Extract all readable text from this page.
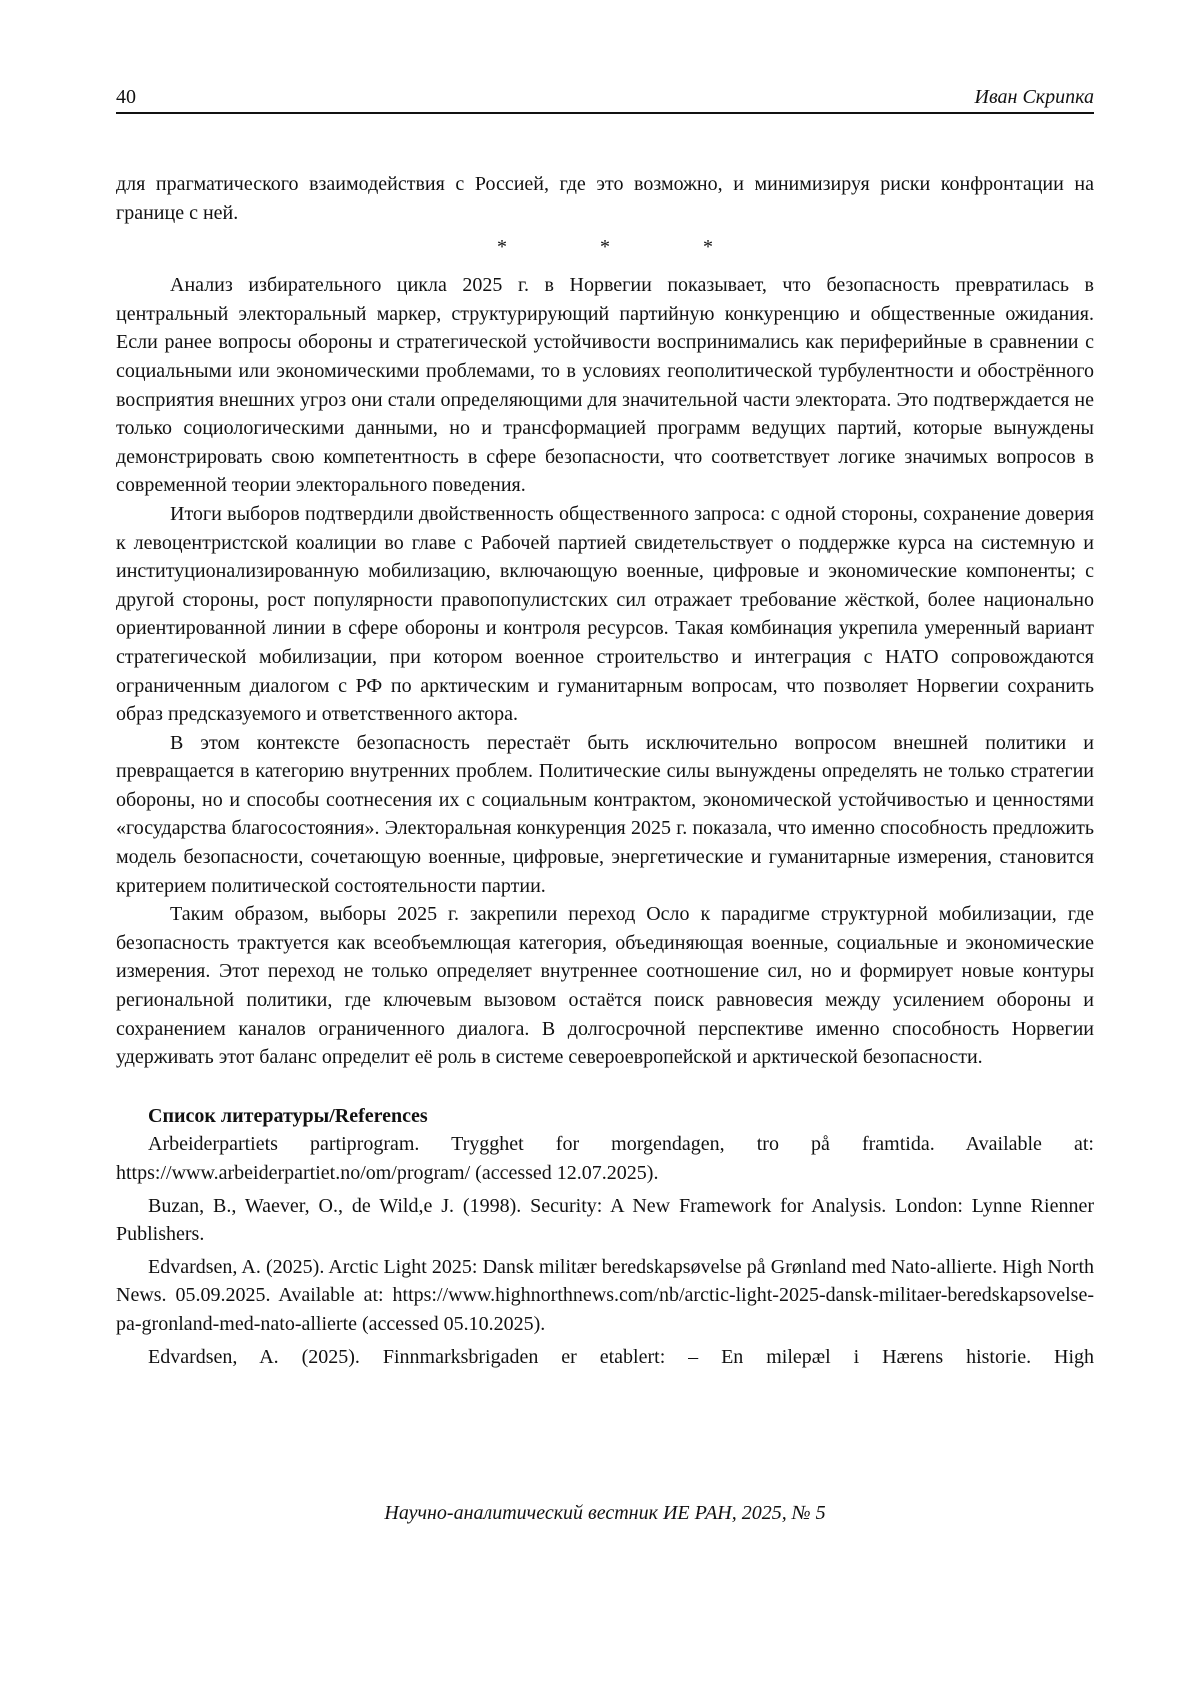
40	Иван Скрипка

для прагматического взаимодействия с Россией, где это возможно, и минимизируя риски конфронтации на границе с ней.

* * *

Анализ избирательного цикла 2025 г. в Норвегии показывает, что безопасность превратилась в центральный электоральный маркер, структурирующий партийную конкуренцию и общественные ожидания. Если ранее вопросы обороны и стратегической устойчивости воспринимались как периферийные в сравнении с социальными или экономическими проблемами, то в условиях геополитической турбулентности и обострённого восприятия внешних угроз они стали определяющими для значительной части электората. Это подтверждается не только социологическими данными, но и трансформацией программ ведущих партий, которые вынуждены демонстрировать свою компетентность в сфере безопасности, что соответствует логике значимых вопросов в современной теории электорального поведения.

Итоги выборов подтвердили двойственность общественного запроса: с одной стороны, сохранение доверия к левоцентристской коалиции во главе с Рабочей партией свидетельствует о поддержке курса на системную и институционализированную мобилизацию, включающую военные, цифровые и экономические компоненты; с другой стороны, рост популярности правопопулистских сил отражает требование жёсткой, более национально ориентированной линии в сфере обороны и контроля ресурсов. Такая комбинация укрепила умеренный вариант стратегической мобилизации, при котором военное строительство и интеграция с НАТО сопровождаются ограниченным диалогом с РФ по арктическим и гуманитарным вопросам, что позволяет Норвегии сохранить образ предсказуемого и ответственного актора.

В этом контексте безопасность перестаёт быть исключительно вопросом внешней политики и превращается в категорию внутренних проблем. Политические силы вынуждены определять не только стратегии обороны, но и способы соотнесения их с социальным контрактом, экономической устойчивостью и ценностями «государства благосостояния». Электоральная конкуренция 2025 г. показала, что именно способность предложить модель безопасности, сочетающую военные, цифровые, энергетические и гуманитарные измерения, становится критерием политической состоятельности партии.

Таким образом, выборы 2025 г. закрепили переход Осло к парадигме структурной мобилизации, где безопасность трактуется как всеобъемлющая категория, объединяющая военные, социальные и экономические измерения. Этот переход не только определяет внутреннее соотношение сил, но и формирует новые контуры региональной политики, где ключевым вызовом остаётся поиск равновесия между усилением обороны и сохранением каналов ограниченного диалога. В долгосрочной перспективе именно способность Норвегии удерживать этот баланс определит её роль в системе североевропейской и арктической безопасности.

Список литературы/References

Arbeiderpartiets partiprogram. Trygghet for morgendagen, tro på framtida. Available at: https://www.arbeiderpartiet.no/om/program/ (accessed 12.07.2025).

Buzan, B., Waever, O., de Wild,e J. (1998). Security: A New Framework for Analysis. London: Lynne Rienner Publishers.

Edvardsen, A. (2025). Arctic Light 2025: Dansk militær beredskapsøvelse på Grønland med Nato-allierte. High North News. 05.09.2025. Available at: https://www.highnorthnews.com/nb/arctic-light-2025-dansk-militaer-beredskapsovelse-pa-gronland-med-nato-allierte (accessed 05.10.2025).

Edvardsen, A. (2025). Finnmarksbrigaden er etablert: – En milepæl i Hærens historie. High

Научно-аналитический вестник ИЕ РАН, 2025, № 5
